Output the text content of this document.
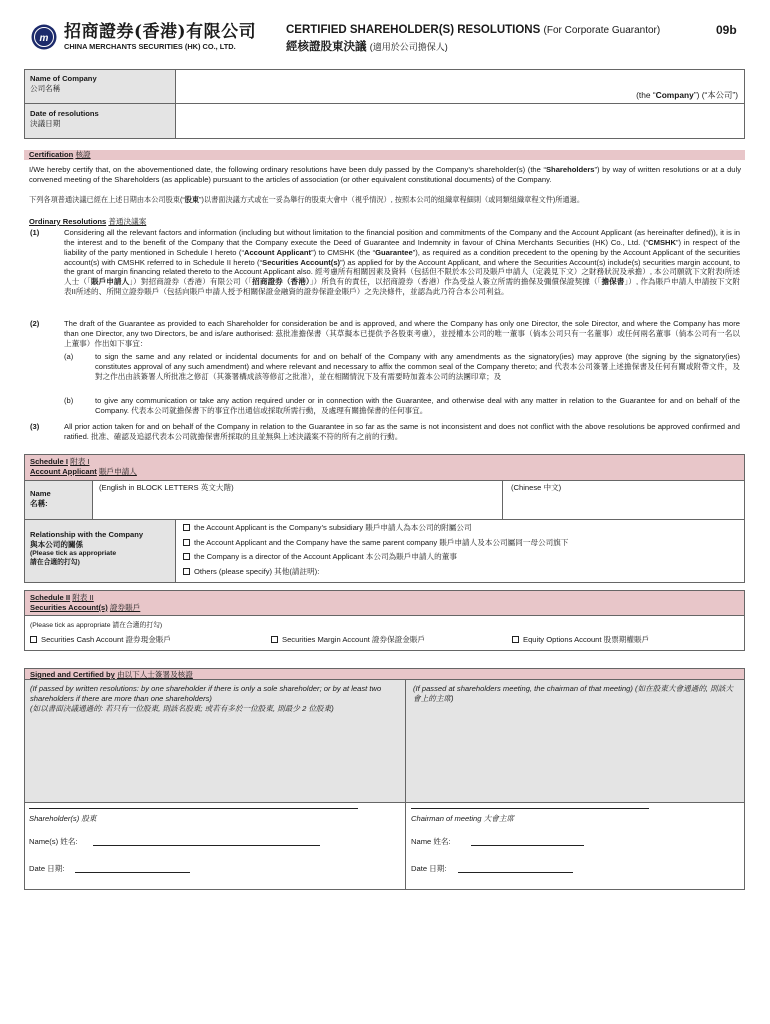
m 招商證券(香港)有限公司
CHINA MERCHANTS SECURITIES (HK) CO., LTD.
CERTIFIED SHAREHOLDER(S) RESOLUTIONS (For Corporate Guarantor)	09b
經核證股東決議 (適用於公司擔保人)
Name of Company
公司名稱
(the “Company”) (“本公司”)
Date of resolutions
決議日期
Certification 核證
I/We hereby certify that, on the abovementioned date, the following ordinary resolutions have been duly passed by the Company’s shareholder(s) (the “Shareholders”) by way of written resolutions or at a duly convened meeting of the Shareholders (as applicable) pursuant to the articles of association (or other equivalent constitutional documents) of the Company.
下列各項普通決議已經在上述日期由本公司股東(“股東”)以書面決議方式或在一妥為舉行的股東大會中（視乎情況）, 按照本公司的組織章程細則（或同類組織章程文件)所通過。
Ordinary Resolutions 普通決議案
(1)	Considering all the relevant factors and information (including but without limitation to the financial position and commitments of the Company and the Account Applicant (as hereinafter defined)), it is in the interest and to the benefit of the Company that the Company execute the Deed of Guarantee and Indemnity in favour of China Merchants Securities (HK) Co., Ltd. (“CMSHK”) in respect of the liability of the party mentioned in Schedule I hereto (“Account Applicant”) to CMSHK (the “Guarantee”), as required as a condition precedent to the opening by the Account Applicant of the securities account(s) with CMSHK referred to in Schedule II hereto (“Securities Account(s)”) as applied for by the Account Applicant, and where the Securities Account(s) include(s) securities margin account, to the grant of margin financing related thereto to the Account Applicant also. 經考慮所有相關因素及資料（包括但不限於本公司及賬戶申請人（定義見下文）之財務狀況及承擔）, 本公司願就下文附表I所述人士（「賬戶申請人」）對招商證券（香港）有限公司（「招商證券（香港）」）所負有的責任，以招商證券（香港）作為受益人簽立所需的擔保及彌償保證契據（「擔保書」）, 作為賬戶申請人申請按下文附表II所述的、所開立證券賬戶（包括向賬戶申請人授予相關保證金融資的證券保證金賬戶）之先決條件，並認為此乃符合本公司利益。
(2)	The draft of the Guarantee as provided to each Shareholder for consideration be and is approved, and where the Company has only one Director, the sole Director, and where the Company has more than one Director, any two Directors, be and is/are authorised: 茲批准擔保書（其草擬本已提供予各股東考慮），並授權本公司的唯一董事（倘本公司只有一名董事）或任何兩名董事（倘本公司有一名以上董事）作出如下事宜：
(a)	to sign the same and any related or incidental documents for and on behalf of the Company with any amendments as the signatory(ies) may approve (the signing by the signatory(ies) constitutes approval of any such amendment) and where relevant and necessary to affix the common seal of the Company thereto; and 代表本公司簽署上述擔保書及任何有關或附帶文件，及對之作出由該簽署人所批准之修訂（其簽署構成該等修訂之批准），並在相關情況下及有需要時加蓋本公司的法團印章；及
(b)	to give any communication or take any action required under or in connection with the Guarantee, and otherwise deal with any matter in relation to the Guarantee for and on behalf of the Company. 代表本公司就擔保書下的事宜作出通信或採取所需行動，及處理有關擔保書的任何事宜。
(3)	All prior action taken for and on behalf of the Company in relation to the Guarantee in so far as the same is not inconsistent and does not conflict with the above resolutions be approved confirmed and ratified. 批准、確認及追認代表本公司就擔保書所採取的且並無與上述決議案不符的所有之前的行動。
Schedule I 附表 I
Account Applicant 賬戶申請人
Name
名稱:
(English in BLOCK LETTERS 英文大階)	(Chinese 中文)
Relationship with the Company
與本公司的關係
(Please tick as appropriate
請在合適的打勾)
the Account Applicant is the Company’s subsidiary 賬戶申請人為本公司的附屬公司
the Account Applicant and the Company have the same parent company 賬戶申請人及本公司屬同一母公司旗下
the Company is a director of the Account Applicant 本公司為賬戶申請人的董事
Others (please specify) 其他(請註明):
Schedule II 附表 II
Securities Account(s) 證券賬戶
(Please tick as appropriate 請在合適的打勾)
Securities Cash Account 證券現金賬戶	Securities Margin Account 證券保證金賬戶	Equity Options Account 股票期權賬戶
Signed and Certified by 由以下人士簽署及核證
(If passed by written resolutions: by one shareholder if there is only a sole shareholder; or by at least two shareholders if there are more than one shareholders)
(如以書面決議通過的: 若只有一位股東, 則該名股東; 或若有多於一位股東, 則最少 2 位股東)
(If passed at shareholders meeting, the chairman of that meeting) (如在股東大會通過的, 則該大會上的主席)
Shareholder(s) 股東	Chairman of meeting 大會主席
Name(s) 姓名:	Name 姓名:
Date 日期:	Date 日期:
